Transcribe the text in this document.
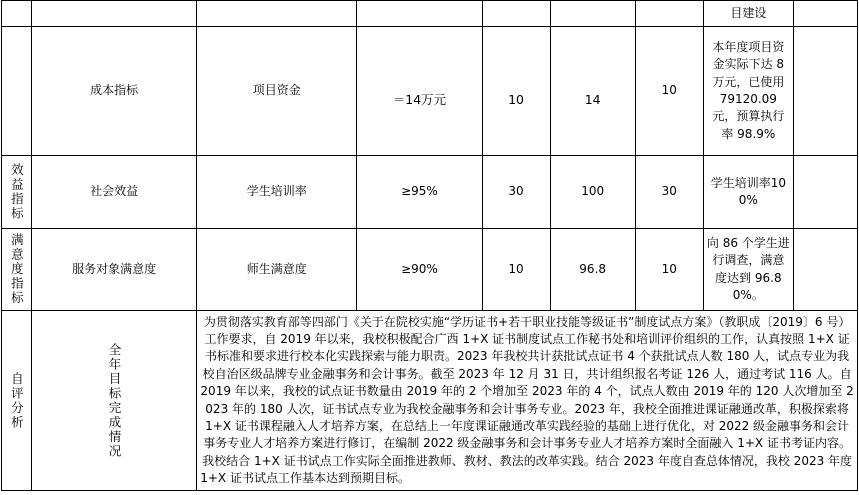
							目建设	
	成本指标	项目资金	＝14万元	10	14	10	本年度项目资金实际下达 8 万元，已使用 79120.09 元，预算执行率 98.9%	

效益指标	社会效益	学生培训率	≥95%	30	100	30	学生培训率100%	

满意度指标	服务对象满意度	师生满意度	≥90%	10	96.8	10	向 86 个学生进行调查，满意度达到 96.80%。	

自评分析	全年目标完成情况	为贯彻落实教育部等四部门《关于在院校实施“学历证书+若干职业技能等级证书”制度试点方案》（教职成〔2019〕6 号）工作要求，自 2019 年以来，我校积极配合广西 1+X 证书制度试点工作秘书处和培训评价组织的工作，认真按照 1+X 证书标准和要求进行校本化实践探索与能力职责。2023 年我校共计获批试点证书 4 个获批试点人数 180 人，试点专业为我校自治区级品牌专业金融事务和会计事务。截至 2023 年 12 月 31 日，共计组织报名考证 126 人，通过考试 116 人。自 2019 年以来，我校的试点证书数量由 2019 年的 2 个增加至 2023 年的 4 个，试点人数由 2019 年的 120 人次增加至 2023 年的 180 人次，证书试点专业为我校金融事务和会计事务专业。2023 年，我校全面推进课证融通改革，积极探索将 1+X 证书课程融入人才培养方案，在总结上一年度课证融通改革实践经验的基础上进行优化，对 2022 级金融事务和会计事务专业人才培养方案进行修订，在编制 2022 级金融事务和会计事务专业人才培养方案时全面融入 1+X 证书考证内容。我校结合 1+X 证书试点工作实际全面推进教师、教材、教法的改革实践。结合 2023 年度自查总体情况，我校 2023 年度 1+X 证书试点工作基本达到预期目标。						
